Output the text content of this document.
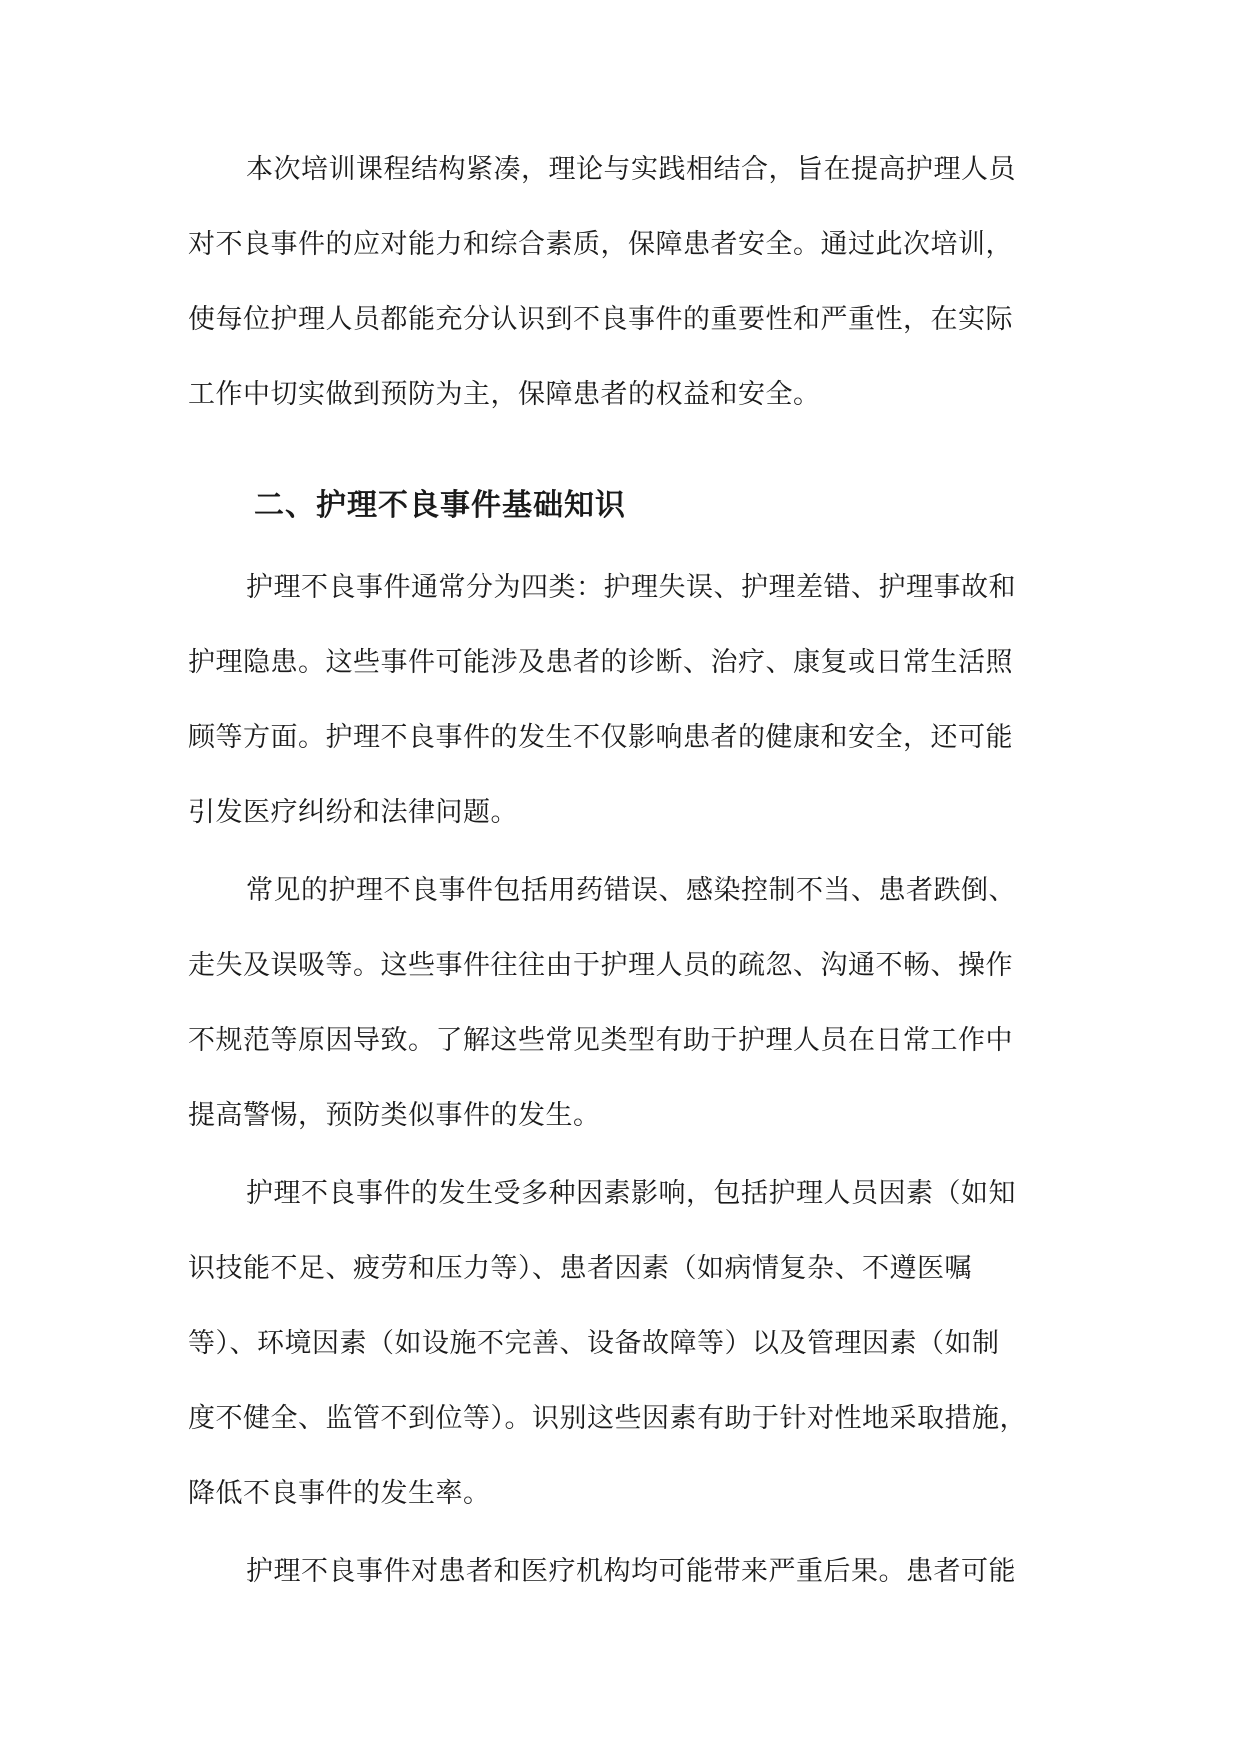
本次培训课程结构紧凑，理论与实践相结合，旨在提高护理人员
对不良事件的应对能力和综合素质，保障患者安全。通过此次培训，
使每位护理人员都能充分认识到不良事件的重要性和严重性，在实际
工作中切实做到预防为主，保障患者的权益和安全。
二、护理不良事件基础知识
护理不良事件通常分为四类：护理失误、护理差错、护理事故和
护理隐患。这些事件可能涉及患者的诊断、治疗、康复或日常生活照
顾等方面。护理不良事件的发生不仅影响患者的健康和安全，还可能
引发医疗纠纷和法律问题。
常见的护理不良事件包括用药错误、感染控制不当、患者跌倒、
走失及误吸等。这些事件往往由于护理人员的疏忽、沟通不畅、操作
不规范等原因导致。了解这些常见类型有助于护理人员在日常工作中
提高警惕，预防类似事件的发生。
护理不良事件的发生受多种因素影响，包括护理人员因素（如知
识技能不足、疲劳和压力等）、患者因素（如病情复杂、不遵医嘱
等）、环境因素（如设施不完善、设备故障等）以及管理因素（如制
度不健全、监管不到位等）。识别这些因素有助于针对性地采取措施，
降低不良事件的发生率。
护理不良事件对患者和医疗机构均可能带来严重后果。患者可能
